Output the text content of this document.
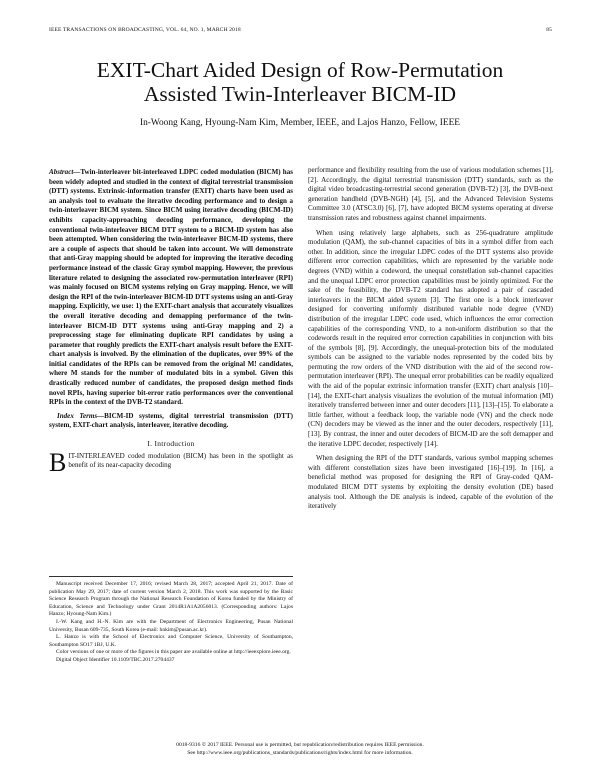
IEEE TRANSACTIONS ON BROADCASTING, VOL. 64, NO. 1, MARCH 2018	85
EXIT-Chart Aided Design of Row-Permutation
Assisted Twin-Interleaver BICM-ID
In-Woong Kang, Hyoung-Nam Kim, Member, IEEE, and Lajos Hanzo, Fellow, IEEE

Abstract—Twin-interleaver bit-interleaved LDPC coded modulation (BICM) has been widely adopted and studied in the context of digital terrestrial transmission (DTT) systems. Extrinsic-information transfer (EXIT) charts have been used as an analysis tool to evaluate the iterative decoding performance and to design a twin-interleaver BICM system. Since BICM using iterative decoding (BICM-ID) exhibits capacity-approaching decoding performance, developing the conventional twin-interleaver BICM DTT system to a BICM-ID system has also been attempted. When considering the twin-interleaver BICM-ID systems, there are a couple of aspects that should be taken into account. We will demonstrate that anti-Gray mapping should be adopted for improving the iterative decoding performance instead of the classic Gray symbol mapping. However, the previous literature related to designing the associated row-permutation interleaver (RPI) was mainly focused on BICM systems relying on Gray mapping. Hence, we will design the RPI of the twin-interleaver BICM-ID DTT systems using an anti-Gray mapping. Explicitly, we use: 1) the EXIT-chart analysis that accurately visualizes the overall iterative decoding and demapping performance of the twin-interleaver BICM-ID DTT systems using anti-Gray mapping and 2) a preprocessing stage for eliminating duplicate RPI candidates by using a parameter that roughly predicts the EXIT-chart analysis result before the EXIT-chart analysis is involved. By the elimination of the duplicates, over 99% of the initial candidates of the RPIs can be removed from the original M! candidates, where M stands for the number of modulated bits in a symbol. Given this drastically reduced number of candidates, the proposed design method finds novel RPIs, having superior bit-error ratio performances over the conventional RPIs in the context of the DVB-T2 standard.

Index Terms—BICM-ID systems, digital terrestrial transmission (DTT) system, EXIT-chart analysis, interleaver, iterative decoding.

I. Introduction

BIT-INTERLEAVED coded modulation (BICM) has been in the spotlight as benefit of its near-capacity decoding

Manuscript received December 17, 2016; revised March 28, 2017; accepted April 21, 2017. Date of publication May 29, 2017; date of current version March 2, 2018. This work was supported by the Basic Science Research Program through the National Research Foundation of Korea funded by the Ministry of Education, Science and Technology under Grant 2014R1A1A2056013. (Corresponding authors: Lajos Hanzo; Hyoung-Nam Kim.)

I.-W. Kang and H.-N. Kim are with the Department of Electronics Engineering, Pusan National University, Busan 609-735, South Korea (e-mail: hnkim@pusan.ac.kr).

L. Hanzo is with the School of Electronics and Computer Science, University of Southampton, Southampton SO17 1BJ, U.K.

Color versions of one or more of the figures in this paper are available online at http://ieeexplore.ieee.org.

Digital Object Identifier 10.1109/TBC.2017.2704437

performance and flexibility resulting from the use of various modulation schemes [1], [2]. Accordingly, the digital terrestrial transmission (DTT) standards, such as the digital video broadcasting-terrestrial second generation (DVB-T2) [3], the DVB-next generation handheld (DVB-NGH) [4], [5], and the Advanced Television Systems Committee 3.0 (ATSC3.0) [6], [7], have adopted BICM systems operating at diverse transmission rates and robustness against channel impairments.

When using relatively large alphabets, such as 256-quadrature amplitude modulation (QAM), the sub-channel capacities of bits in a symbol differ from each other. In addition, since the irregular LDPC codes of the DTT systems also provide different error correction capabilities, which are represented by the variable node degrees (VND) within a codeword, the unequal constellation sub-channel capacities and the unequal LDPC error protection capabilities must be jointly optimized. For the sake of the feasibility, the DVB-T2 standard has adopted a pair of cascaded interleavers in the BICM aided system [3]. The first one is a block interleaver designed for converting uniformly distributed variable node degree (VND) distribution of the irregular LDPC code used, which influences the error correction capabilities of the corresponding VND, to a non-uniform distribution so that the codewords result in the required error correction capabilities in conjunction with bits of the symbols [8], [9]. Accordingly, the unequal-protection bits of the modulated symbols can be assigned to the variable nodes represented by the coded bits by permuting the row orders of the VND distribution with the aid of the second row-permutation interleaver (RPI). The unequal error probabilities can be readily equalized with the aid of the popular extrinsic information transfer (EXIT) chart analysis [10]–[14], the EXIT-chart analysis visualizes the evolution of the mutual information (MI) iteratively transferred between inner and outer decoders [11], [13]–[15]. To elaborate a little farther, without a feedback loop, the variable node (VN) and the check node (CN) decoders may be viewed as the inner and the outer decoders, respectively [11], [13]. By contrast, the inner and outer decoders of BICM-ID are the soft demapper and the iterative LDPC decoder, respectively [14].

When designing the RPI of the DTT standards, various symbol mapping schemes with different constellation sizes have been investigated [16]–[19]. In [16], a beneficial method was proposed for designing the RPI of Gray-coded QAM-modulated BICM DTT systems by exploiting the density evolution (DE) based analysis tool. Although the DE analysis is indeed, capable of the evolution of the iteratively

0018-9316 © 2017 IEEE. Personal use is permitted, but republication/redistribution requires IEEE permission.
See http://www.ieee.org/publications_standards/publications/rights/index.html for more information.
